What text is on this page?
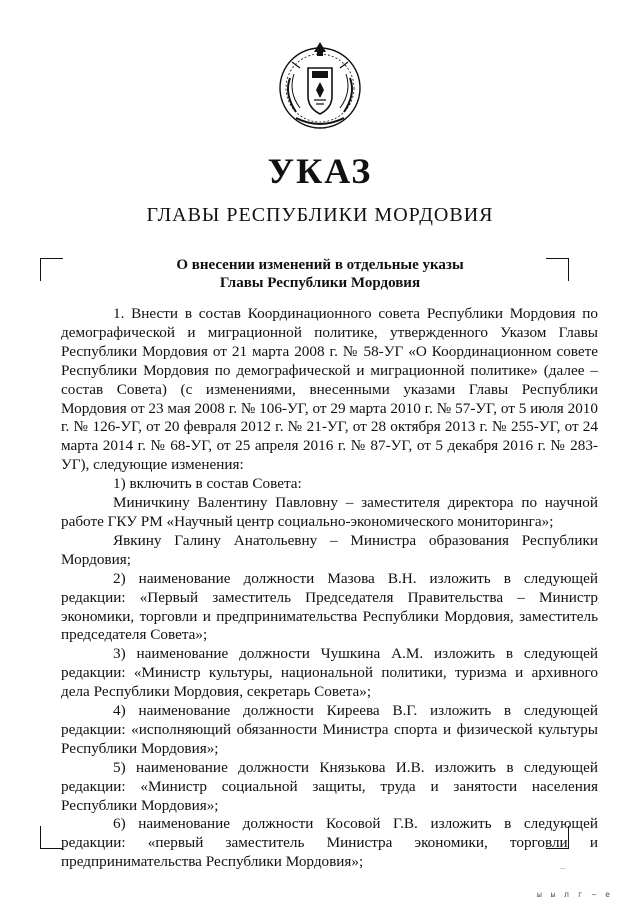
УКАЗ
ГЛАВЫ РЕСПУБЛИКИ МОРДОВИЯ
О внесении изменений в отдельные указы
Главы Республики Мордовия

1. Внести в состав Координационного совета Республики Мордовия по демографической и миграционной политике, утвержденного Указом Главы Республики Мордовия от 21 марта 2008 г. № 58-УГ «О Координационном совете Республики Мордовия по демографической и миграционной политике» (далее – состав Совета) (с изменениями, внесенными указами Главы Республики Мордовия от 23 мая 2008 г. № 106-УГ, от 29 марта 2010 г. № 57-УГ, от 5 июля 2010 г. № 126-УГ, от 20 февраля 2012 г. № 21-УГ, от 28 октября 2013 г. № 255-УГ, от 24 марта 2014 г. № 68-УГ, от 25 апреля 2016 г. № 87-УГ, от 5 декабря 2016 г. № 283-УГ), следующие изменения:

1) включить в состав Совета:

Миничкину Валентину Павловну – заместителя директора по научной работе ГКУ РМ «Научный центр социально-экономического мониторинга»;

Явкину Галину Анатольевну – Министра образования Республики Мордовия;

2) наименование должности Мазова В.Н. изложить в следующей редакции: «Первый заместитель Председателя Правительства – Министр экономики, торговли и предпринимательства Республики Мордовия, заместитель председателя Совета»;

3) наименование должности Чушкина А.М. изложить в следующей редакции: «Министр культуры, национальной политики, туризма и архивного дела Республики Мордовия, секретарь Совета»;

4) наименование должности Киреева В.Г. изложить в следующей редакции: «исполняющий обязанности Министра спорта и физической культуры Республики Мордовия»;

5) наименование должности Князькова И.В. изложить в следующей редакции: «Министр социальной защиты, труда и занятости населения Республики Мордовия»;

6) наименование должности Косовой Г.В. изложить в следующей редакции: «первый заместитель Министра экономики, торговли и предпринимательства Республики Мордовия»;	〜
ы ы л г ~ е
